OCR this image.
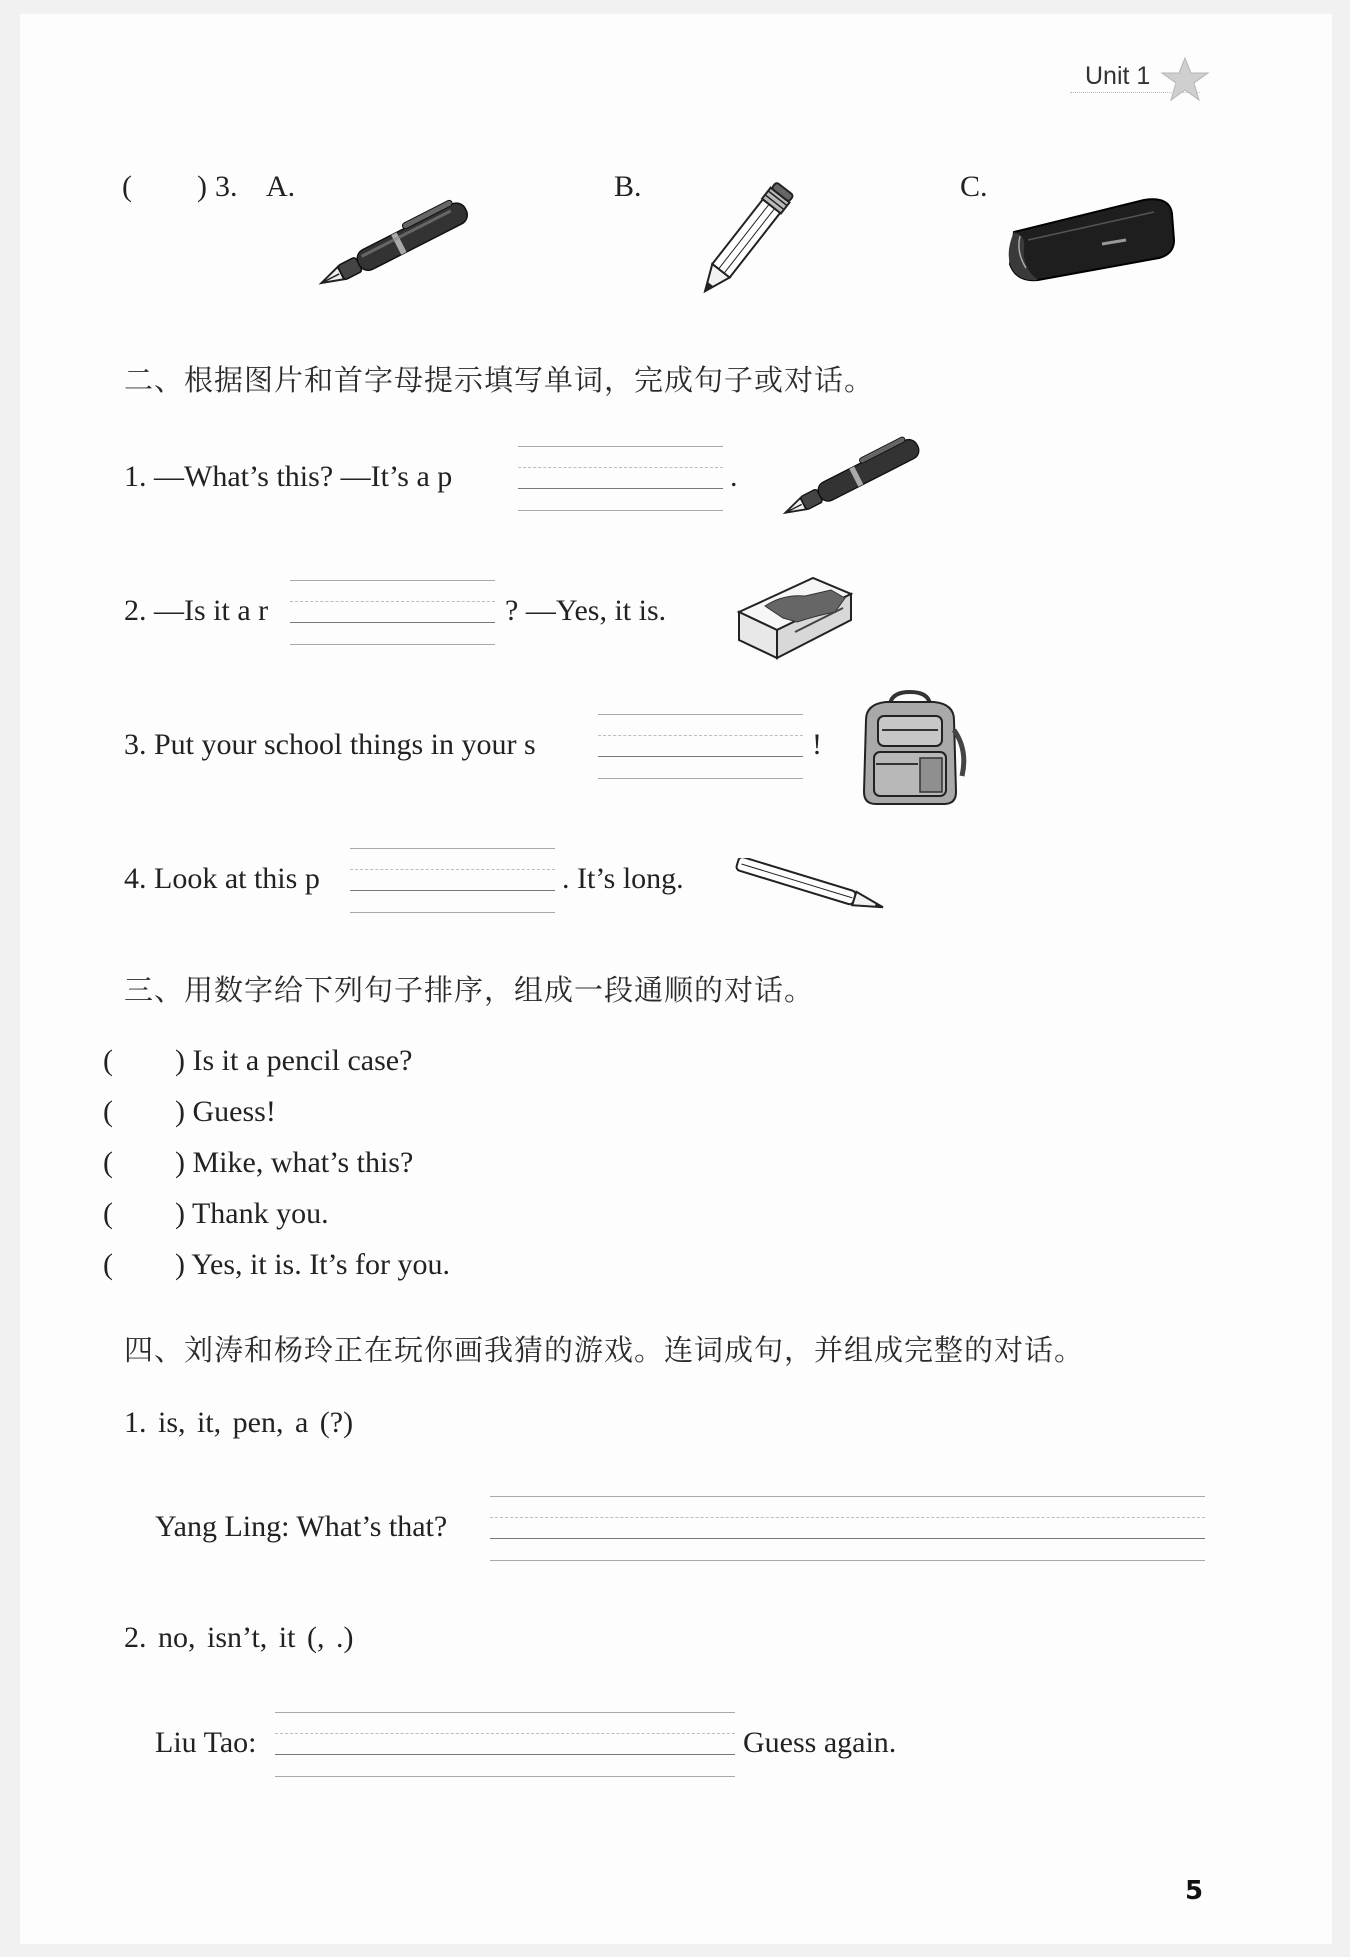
Unit 1
( ) 3. A.	B.	C.
二、根据图片和首字母提示填写单词，完成句子或对话。
1. —What’s this? —It’s a p	.
2. —Is it a r	? —Yes, it is.
3. Put your school things in your s	!
4. Look at this p	. It’s long.
三、用数字给下列句子排序，组成一段通顺的对话。
( ) Is it a pencil case?
( ) Guess!
( ) Mike, what’s this?
( ) Thank you.
( ) Yes, it is. It’s for you.
四、刘涛和杨玲正在玩你画我猜的游戏。连词成句，并组成完整的对话。
1. is, it, pen, a (?)
Yang Ling: What’s that?
2. no, isn’t, it (, .)
Liu Tao:	Guess again.
5
